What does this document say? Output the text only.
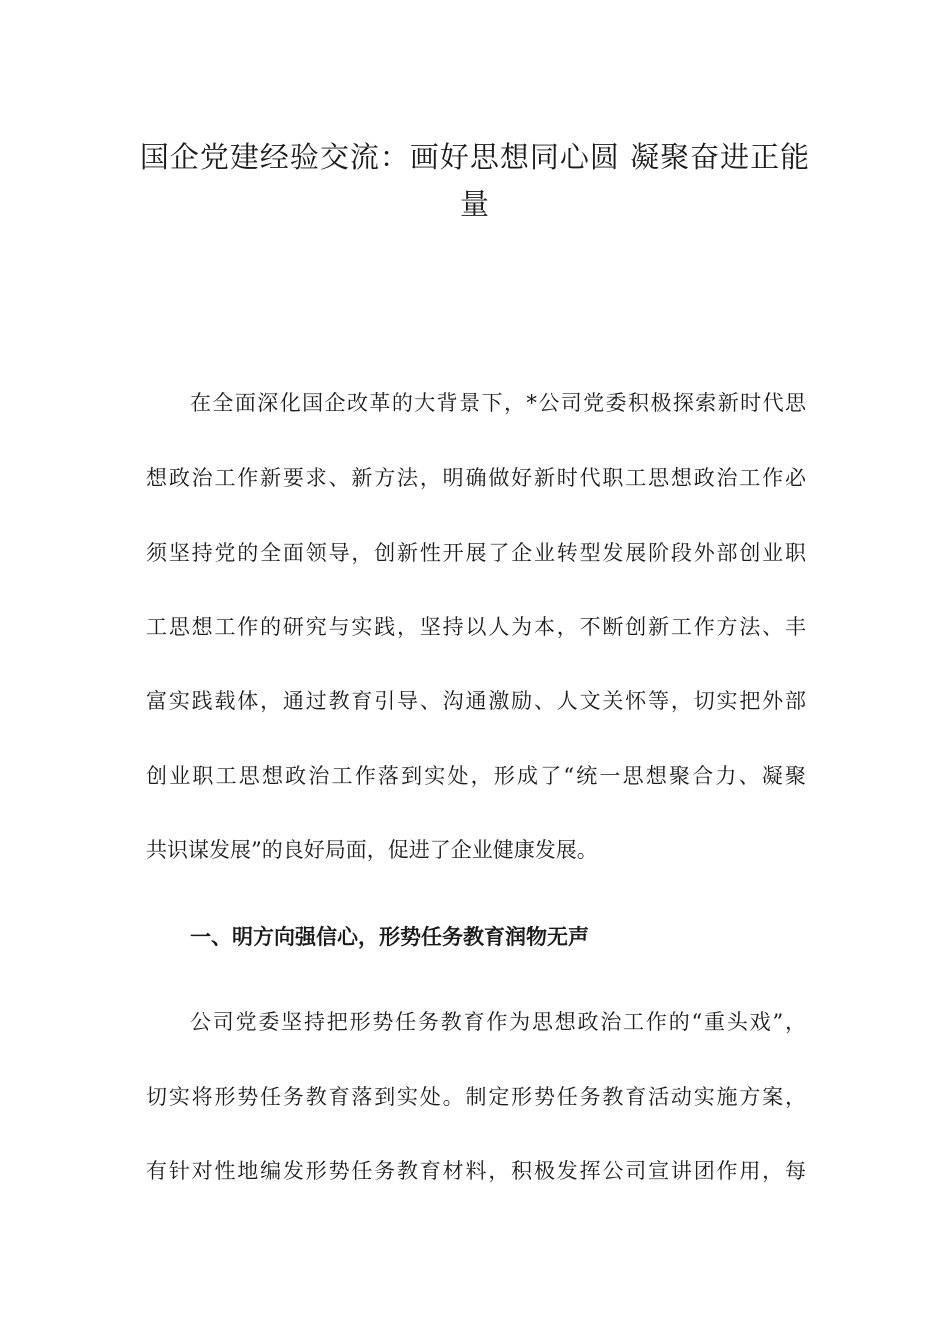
国企党建经验交流：画好思想同心圆 凝聚奋进正能
量
在全面深化国企改革的大背景下，*公司党委积极探索新时代思
想政治工作新要求、新方法，明确做好新时代职工思想政治工作必
须坚持党的全面领导，创新性开展了企业转型发展阶段外部创业职
工思想工作的研究与实践，坚持以人为本，不断创新工作方法、丰
富实践载体，通过教育引导、沟通激励、人文关怀等，切实把外部
创业职工思想政治工作落到实处，形成了“统一思想聚合力、凝聚
共识谋发展”的良好局面，促进了企业健康发展。
一、明方向强信心，形势任务教育润物无声
公司党委坚持把形势任务教育作为思想政治工作的“重头戏”，
切实将形势任务教育落到实处。制定形势任务教育活动实施方案，
有针对性地编发形势任务教育材料，积极发挥公司宣讲团作用，每
